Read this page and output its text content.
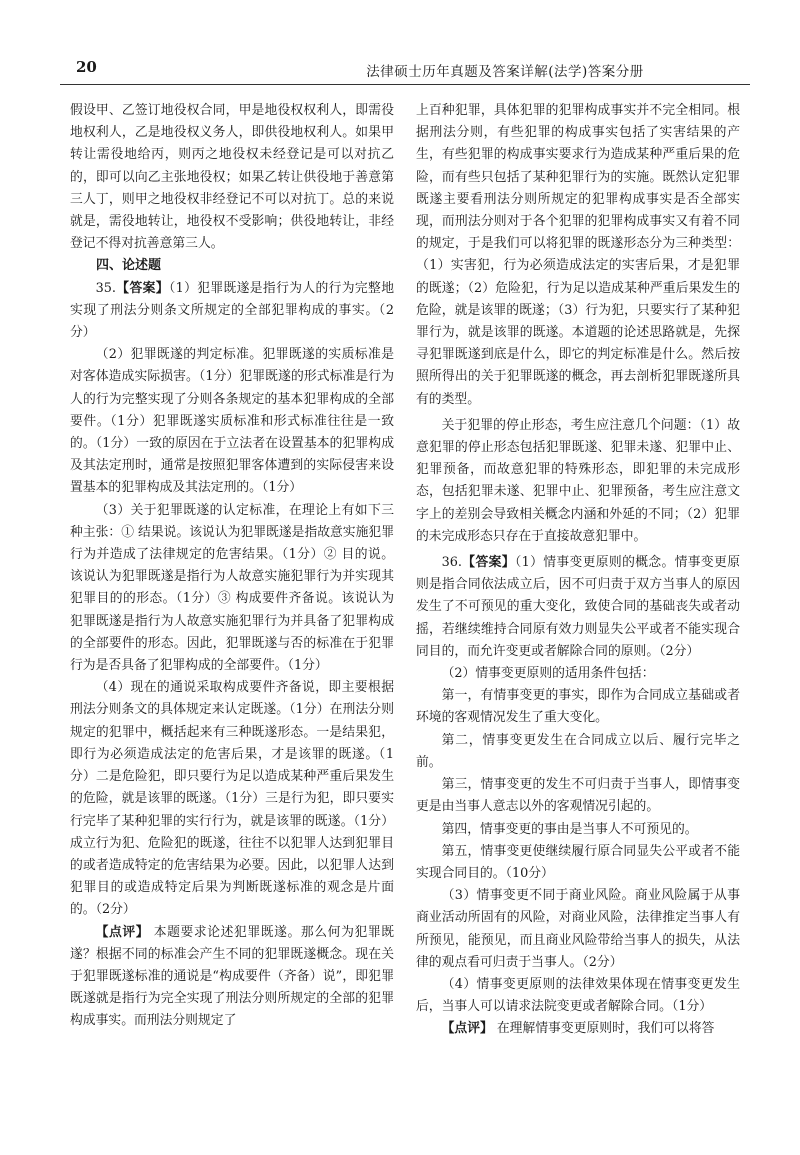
20	法律硕士历年真题及答案详解(法学)答案分册

假设甲、乙签订地役权合同，甲是地役权权利人，即需役地权利人，乙是地役权义务人，即供役地权利人。如果甲转让需役地给丙，则丙之地役权未经登记是可以对抗乙的，即可以向乙主张地役权；如果乙转让供役地于善意第三人丁，则甲之地役权非经登记不可以对抗丁。总的来说就是，需役地转让，地役权不受影响；供役地转让，非经登记不得对抗善意第三人。

四、论述题

35.【答案】（1）犯罪既遂是指行为人的行为完整地实现了刑法分则条文所规定的全部犯罪构成的事实。（2分）

（2）犯罪既遂的判定标准。犯罪既遂的实质标准是对客体造成实际损害。（1分）犯罪既遂的形式标准是行为人的行为完整实现了分则各条规定的基本犯罪构成的全部要件。（1分）犯罪既遂实质标准和形式标准往往是一致的。（1分）一致的原因在于立法者在设置基本的犯罪构成及其法定刑时，通常是按照犯罪客体遭到的实际侵害来设置基本的犯罪构成及其法定刑的。（1分）

（3）关于犯罪既遂的认定标准，在理论上有如下三种主张：① 结果说。该说认为犯罪既遂是指故意实施犯罪行为并造成了法律规定的危害结果。（1分）② 目的说。该说认为犯罪既遂是指行为人故意实施犯罪行为并实现其犯罪目的的形态。（1分）③ 构成要件齐备说。该说认为犯罪既遂是指行为人故意实施犯罪行为并具备了犯罪构成的全部要件的形态。因此，犯罪既遂与否的标准在于犯罪行为是否具备了犯罪构成的全部要件。（1分）

（4）现在的通说采取构成要件齐备说，即主要根据刑法分则条文的具体规定来认定既遂。（1分）在刑法分则规定的犯罪中，概括起来有三种既遂形态。一是结果犯，即行为必须造成法定的危害后果，才是该罪的既遂。（1分）二是危险犯，即只要行为足以造成某种严重后果发生的危险，就是该罪的既遂。（1分）三是行为犯，即只要实行完毕了某种犯罪的实行行为，就是该罪的既遂。（1分）成立行为犯、危险犯的既遂，往往不以犯罪人达到犯罪目的或者造成特定的危害结果为必要。因此，以犯罪人达到犯罪目的或造成特定后果为判断既遂标准的观念是片面的。（2分）

【点评】 本题要求论述犯罪既遂。那么何为犯罪既遂？根据不同的标准会产生不同的犯罪既遂概念。现在关于犯罪既遂标准的通说是“构成要件（齐备）说”，即犯罪既遂就是指行为完全实现了刑法分则所规定的全部的犯罪构成事实。而刑法分则规定了

上百种犯罪，具体犯罪的犯罪构成事实并不完全相同。根据刑法分则，有些犯罪的构成事实包括了实害结果的产生，有些犯罪的构成事实要求行为造成某种严重后果的危险，而有些只包括了某种犯罪行为的实施。既然认定犯罪既遂主要看刑法分则所规定的犯罪构成事实是否全部实现，而刑法分则对于各个犯罪的犯罪构成事实又有着不同的规定，于是我们可以将犯罪的既遂形态分为三种类型：（1）实害犯，行为必须造成法定的实害后果，才是犯罪的既遂；（2）危险犯，行为足以造成某种严重后果发生的危险，就是该罪的既遂；（3）行为犯，只要实行了某种犯罪行为，就是该罪的既遂。本道题的论述思路就是，先探寻犯罪既遂到底是什么，即它的判定标准是什么。然后按照所得出的关于犯罪既遂的概念，再去剖析犯罪既遂所具有的类型。

关于犯罪的停止形态，考生应注意几个问题：（1）故意犯罪的停止形态包括犯罪既遂、犯罪未遂、犯罪中止、犯罪预备，而故意犯罪的特殊形态，即犯罪的未完成形态，包括犯罪未遂、犯罪中止、犯罪预备，考生应注意文字上的差别会导致相关概念内涵和外延的不同；（2）犯罪的未完成形态只存在于直接故意犯罪中。

36.【答案】（1）情事变更原则的概念。情事变更原则是指合同依法成立后，因不可归责于双方当事人的原因发生了不可预见的重大变化，致使合同的基础丧失或者动摇，若继续维持合同原有效力则显失公平或者不能实现合同目的，而允许变更或者解除合同的原则。（2分）

（2）情事变更原则的适用条件包括：

第一，有情事变更的事实，即作为合同成立基础或者环境的客观情况发生了重大变化。

第二，情事变更发生在合同成立以后、履行完毕之前。

第三，情事变更的发生不可归责于当事人，即情事变更是由当事人意志以外的客观情况引起的。

第四，情事变更的事由是当事人不可预见的。

第五，情事变更使继续履行原合同显失公平或者不能实现合同目的。（10分）

（3）情事变更不同于商业风险。商业风险属于从事商业活动所固有的风险，对商业风险，法律推定当事人有所预见，能预见，而且商业风险带给当事人的损失，从法律的观点看可归责于当事人。（2分）

（4）情事变更原则的法律效果体现在情事变更发生后，当事人可以请求法院变更或者解除合同。（1分）

【点评】 在理解情事变更原则时，我们可以将答
